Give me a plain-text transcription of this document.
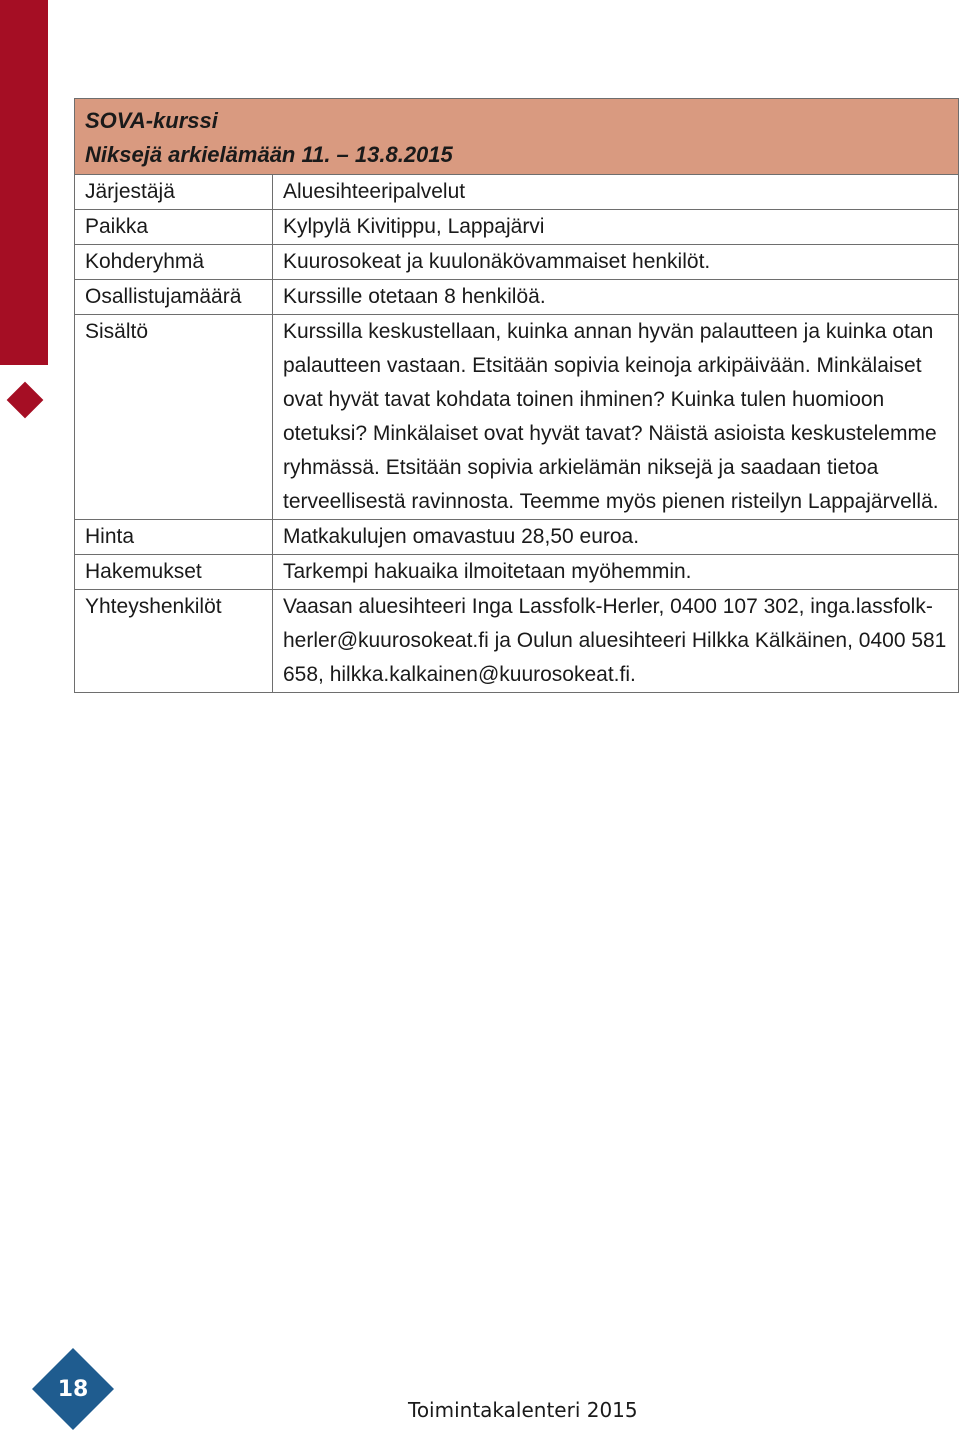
SOVA-kurssi
Niksejä arkielämään 11. – 13.8.2015	

Järjestäjä	Aluesihteeripalvelut
Paikka	Kylpylä Kivitippu, Lappajärvi
Kohderyhmä	Kuurosokeat ja kuulonäkövammaiset henkilöt.
Osallistujamäärä	Kurssille otetaan 8 henkilöä.
Sisältö	Kurssilla keskustellaan, kuinka annan hyvän palautteen ja kuinka otan palautteen vastaan. Etsitään sopivia keinoja arkipäivään. Minkälaiset ovat hyvät tavat kohdata toinen ihminen? Kuinka tulen huomioon otetuksi? Minkälaiset ovat hyvät tavat? Näistä asioista keskustelemme ryhmässä. Etsitään sopivia arkielämän niksejä ja saadaan tietoa terveellisestä ravinnosta. Teemme myös pienen risteilyn Lappajärvellä.
Hinta	Matkakulujen omavastuu 28,50 euroa.
Hakemukset	Tarkempi hakuaika ilmoitetaan myöhemmin.
Yhteyshenkilöt	Vaasan aluesihteeri Inga Lassfolk-Herler, 0400 107 302, inga.lassfolk-herler@kuurosokeat.fi ja Oulun aluesihteeri Hilkka Kälkäinen, 0400 581 658, hilkka.kalkainen@kuurosokeat.fi.
18
Toimintakalenteri 2015
